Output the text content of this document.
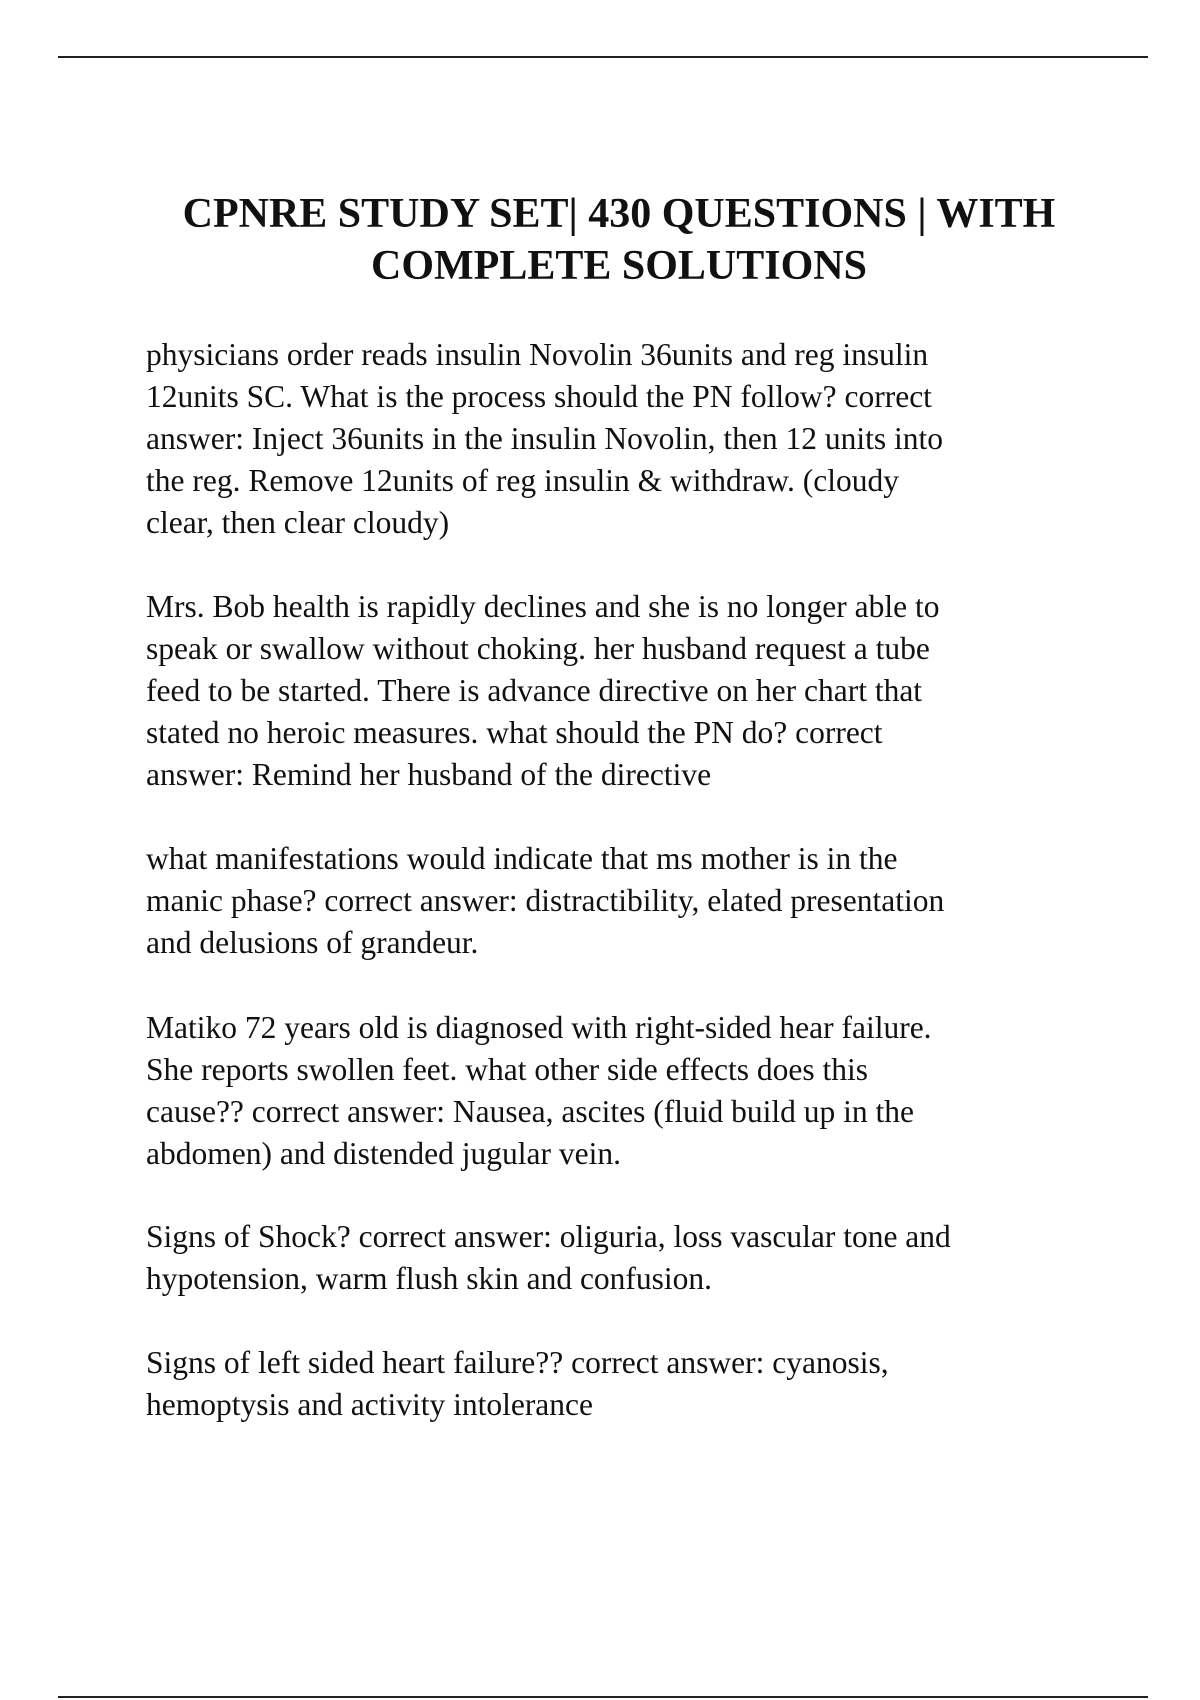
CPNRE STUDY SET| 430 QUESTIONS | WITH
COMPLETE SOLUTIONS
physicians order reads insulin Novolin 36units and reg insulin
12units SC. What is the process should the PN follow? correct
answer: Inject 36units in the insulin Novolin, then 12 units into
the reg. Remove 12units of reg insulin & withdraw. (cloudy
clear, then clear cloudy)
Mrs. Bob health is rapidly declines and she is no longer able to
speak or swallow without choking. her husband request a tube
feed to be started. There is advance directive on her chart that
stated no heroic measures. what should the PN do? correct
answer: Remind her husband of the directive
what manifestations would indicate that ms mother is in the
manic phase? correct answer: distractibility, elated presentation
and delusions of grandeur.
Matiko 72 years old is diagnosed with right-sided hear failure.
She reports swollen feet. what other side effects does this
cause?? correct answer: Nausea, ascites (fluid build up in the
abdomen) and distended jugular vein.
Signs of Shock? correct answer: oliguria, loss vascular tone and
hypotension, warm flush skin and confusion.
Signs of left sided heart failure?? correct answer: cyanosis,
hemoptysis and activity intolerance
